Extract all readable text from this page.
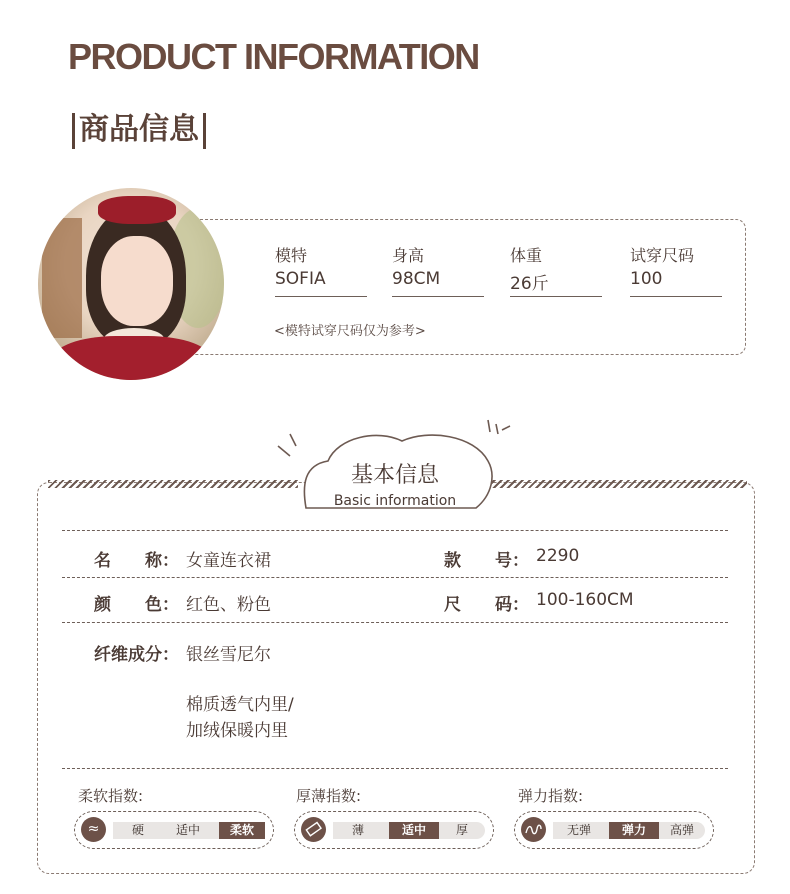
PRODUCT INFORMATION
商品信息
模特
SOFIA
身高
98CM
体重
26斤
试穿尺码
100
<模特试穿尺码仅为参考>
基本信息
Basic information
名　　称： 女童连衣裙	款　　号： 2290
颜　　色： 红色、粉色	尺　　码： 100-160CM
纤维成分： 银丝雪尼尔
棉质透气内里/
加绒保暖内里
柔软指数:
≈	硬	适中	柔软
厚薄指数:
薄	适中	厚
弹力指数:
无弹	弹力	高弹
